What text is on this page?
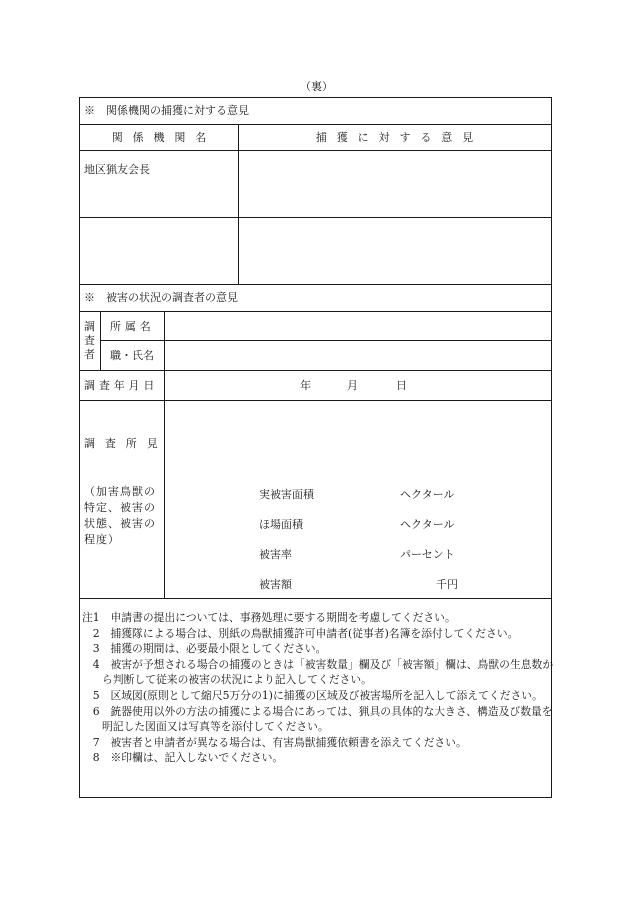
（裏）
※　関係機関の捕獲に対する意見
関係機関名	捕獲に対する意見
地区猟友会長
※　被害の状況の調査者の意見
調査者
所属名
職・氏名
調査年月日	年	月	日
調査所見
（加害鳥獣の特定、被害の状態、被害の程度）
実被害面積	ヘクタール
ほ場面積	ヘクタール
被害率	パーセント
被害額	千円

注1　申請書の提出については、事務処理に要する期間を考慮してください。

　2　捕獲隊による場合は、別紙の鳥獣捕獲許可申請者(従事者)名簿を添付してください。

　3　捕獲の期間は、必要最小限としてください。

　4　被害が予想される場合の捕獲のときは「被害数量」欄及び「被害額」欄は、鳥獣の生息数から判断して従来の被害の状況により記入してください。

　5　区域図(原則として縮尺5万分の1)に捕獲の区域及び被害場所を記入して添えてください。

　6　銃器使用以外の方法の捕獲による場合にあっては、猟具の具体的な大きさ、構造及び数量を明記した図面又は写真等を添付してください。

　7　被害者と申請者が異なる場合は、有害鳥獣捕獲依頼書を添えてください。

　8　※印欄は、記入しないでください。
